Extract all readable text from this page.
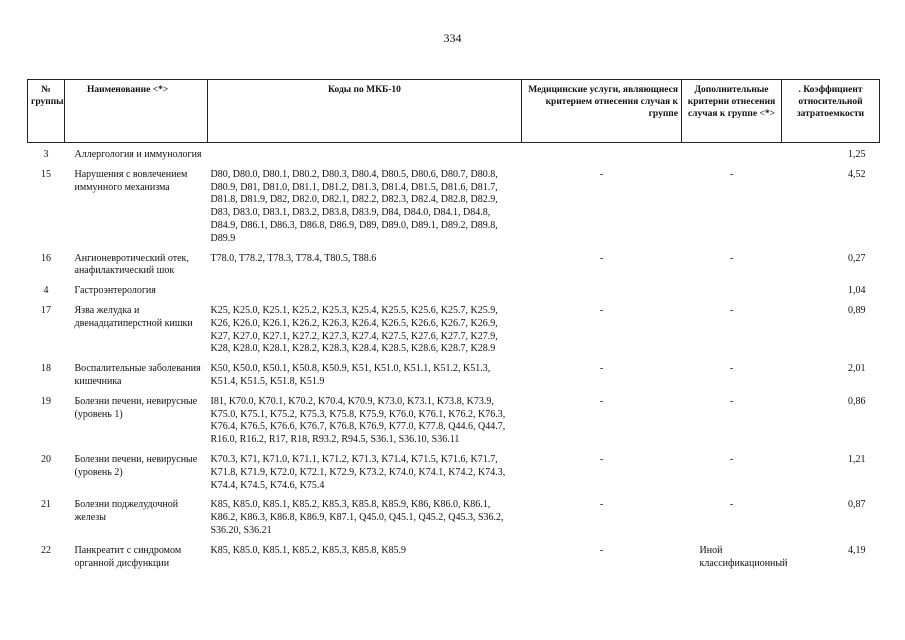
334
№ группы	Наименование <*>	Коды по МКБ-10	Медицинские услуги, являющиеся критерием отнесения случая к группе	Дополнительные критерии отнесения случая к группе <*>	. Коэффициент относительной затратоемкости
3	Аллергология и иммунология				1,25
15	Нарушения с вовлечением иммунного механизма	D80, D80.0, D80.1, D80.2, D80.3, D80.4, D80.5, D80.6, D80.7, D80.8, D80.9, D81, D81.0, D81.1, D81.2, D81.3, D81.4, D81.5, D81.6, D81.7, D81.8, D81.9, D82, D82.0, D82.1, D82.2, D82.3, D82.4, D82.8, D82.9, D83, D83.0, D83.1, D83.2, D83.8, D83.9, D84, D84.0, D84.1, D84.8, D84.9, D86.1, D86.3, D86.8, D86.9, D89, D89.0, D89.1, D89.2, D89.8, D89.9	-	-	4,52
16	Ангионевротический отек, анафилактический шок	T78.0, T78.2, T78.3, T78.4, T80.5, T88.6	-	-	0,27
4	Гастроэнтерология				1,04
17	Язва желудка и двенадцатиперстной кишки	K25, K25.0, K25.1, K25.2, K25.3, K25.4, K25.5, K25.6, K25.7, K25.9, K26, K26.0, K26.1, K26.2, K26.3, K26.4, K26.5, K26.6, K26.7, K26.9, K27, K27.0, K27.1, K27.2, K27.3, K27.4, K27.5, K27.6, K27.7, K27.9, K28, K28.0, K28.1, K28.2, K28.3, K28.4, K28.5, K28.6, K28.7, K28.9	-	-	0,89
18	Воспалительные заболевания кишечника	K50, K50.0, K50.1, K50.8, K50.9, K51, K51.0, K51.1, K51.2, K51.3, K51.4, K51.5, K51.8, K51.9	-	-	2,01
19	Болезни печени, невирусные (уровень 1)	I81, K70.0, K70.1, K70.2, K70.4, K70.9, K73.0, K73.1, K73.8, K73.9, K75.0, K75.1, K75.2, K75.3, K75.8, K75.9, K76.0, K76.1, K76.2, K76.3, K76.4, K76.5, K76.6, K76.7, K76.8, K76.9, K77.0, K77.8, Q44.6, Q44.7, R16.0, R16.2, R17, R18, R93.2, R94.5, S36.1, S36.10, S36.11	-	-	0,86
20	Болезни печени, невирусные (уровень 2)	K70.3, K71, K71.0, K71.1, K71.2, K71.3, K71.4, K71.5, K71.6, K71.7, K71.8, K71.9, K72.0, K72.1, K72.9, K73.2, K74.0, K74.1, K74.2, K74.3, K74.4, K74.5, K74.6, K75.4	-	-	1,21
21	Болезни поджелудочной железы	K85, K85.0, K85.1, K85.2, K85.3, K85.8, K85.9, K86, K86.0, K86.1, K86.2, K86.3, K86.8, K86.9, K87.1, Q45.0, Q45.1, Q45.2, Q45.3, S36.2, S36.20, S36.21	-	-	0,87
22	Панкреатит с синдромом органной дисфункции	K85, K85.0, K85.1, K85.2, K85.3, K85.8, K85.9	-	Иной классификационный	4,19
